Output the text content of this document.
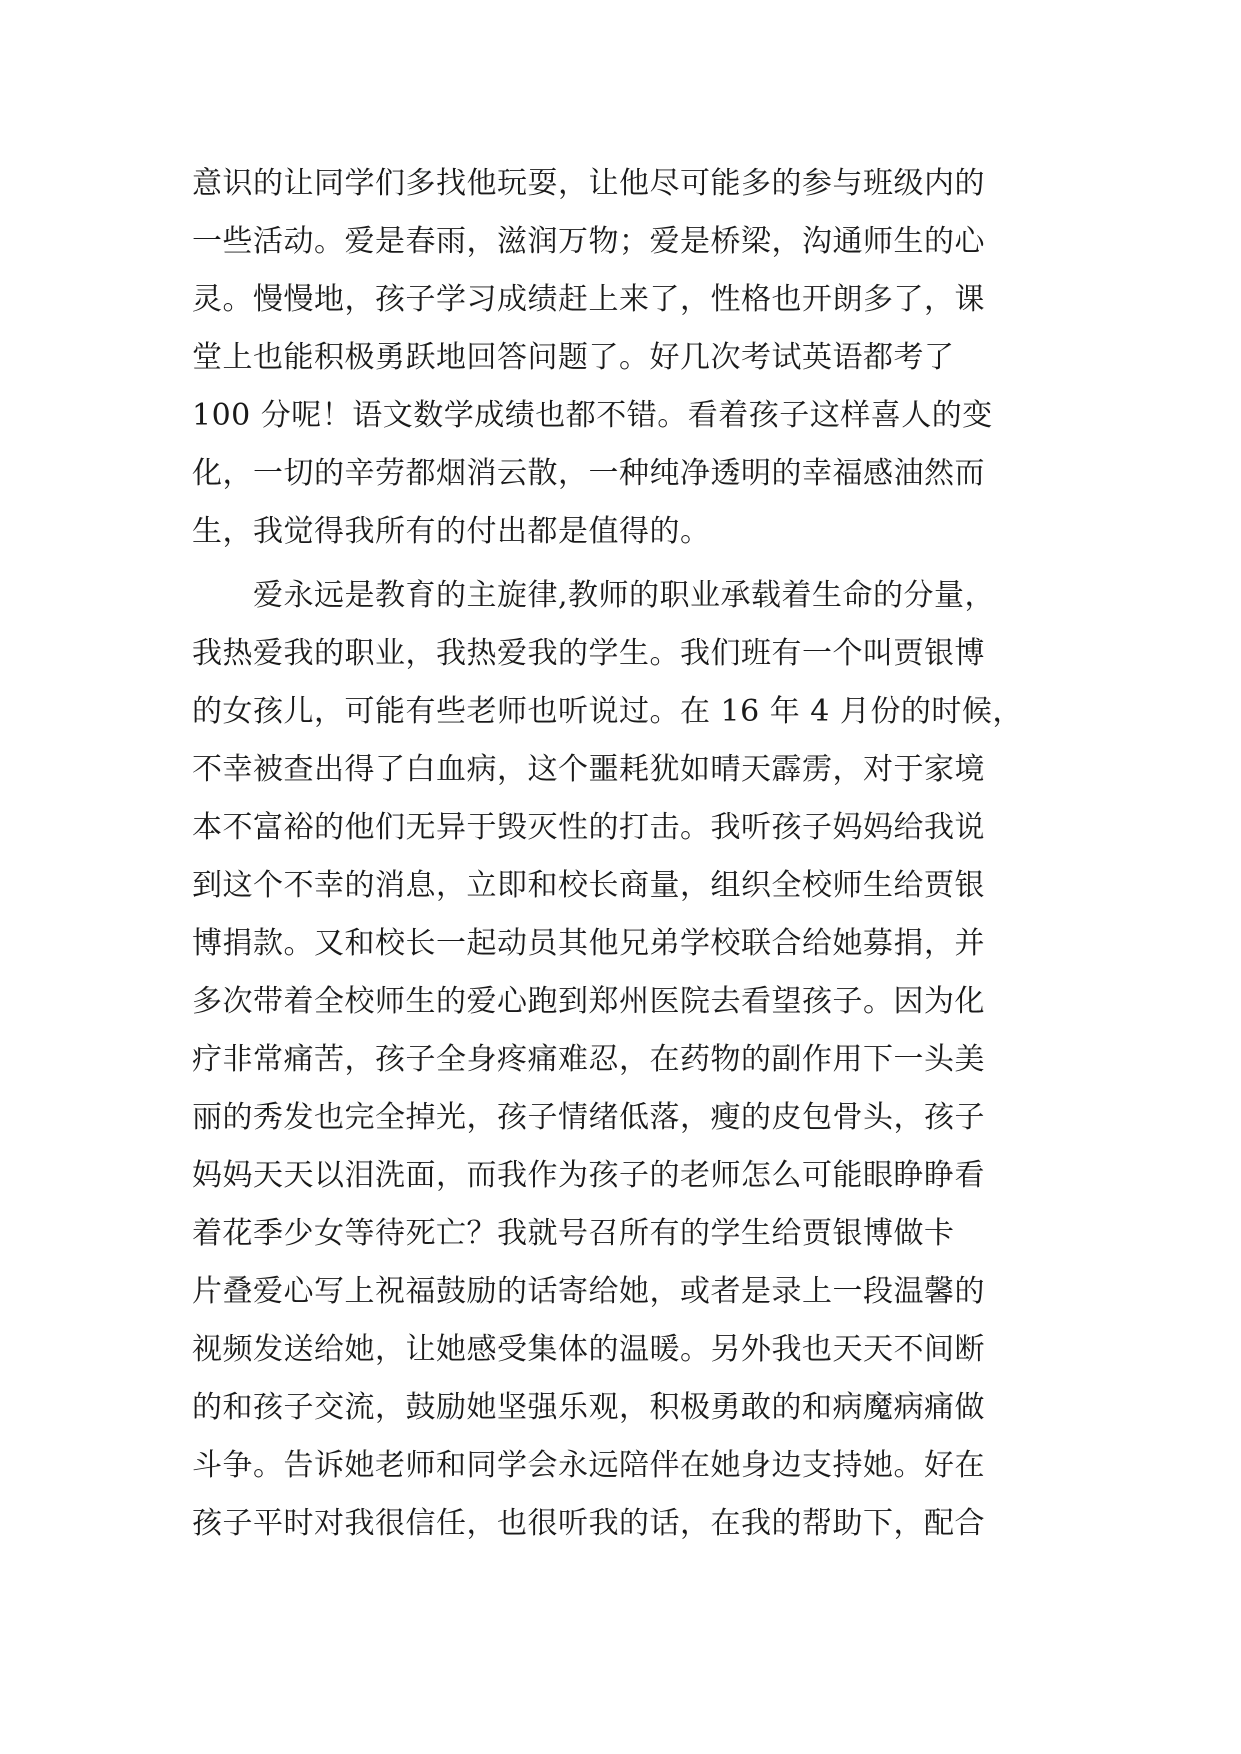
意识的让同学们多找他玩耍，让他尽可能多的参与班级内的
一些活动。爱是春雨，滋润万物；爱是桥梁，沟通师生的心
灵。慢慢地，孩子学习成绩赶上来了，性格也开朗多了，课
堂上也能积极勇跃地回答问题了。好几次考试英语都考了
100 分呢！语文数学成绩也都不错。看着孩子这样喜人的变
化，一切的辛劳都烟消云散，一种纯净透明的幸福感油然而
生，我觉得我所有的付出都是值得的。
　　爱永远是教育的主旋律,教师的职业承载着生命的分量，
我热爱我的职业，我热爱我的学生。我们班有一个叫贾银博
的女孩儿，可能有些老师也听说过。在 16 年 4 月份的时候，
不幸被查出得了白血病，这个噩耗犹如晴天霹雳，对于家境
本不富裕的他们无异于毁灭性的打击。我听孩子妈妈给我说
到这个不幸的消息，立即和校长商量，组织全校师生给贾银
博捐款。又和校长一起动员其他兄弟学校联合给她募捐，并
多次带着全校师生的爱心跑到郑州医院去看望孩子。因为化
疗非常痛苦，孩子全身疼痛难忍，在药物的副作用下一头美
丽的秀发也完全掉光，孩子情绪低落，瘦的皮包骨头，孩子
妈妈天天以泪洗面，而我作为孩子的老师怎么可能眼睁睁看
着花季少女等待死亡？我就号召所有的学生给贾银博做卡
片叠爱心写上祝福鼓励的话寄给她，或者是录上一段温馨的
视频发送给她，让她感受集体的温暖。另外我也天天不间断
的和孩子交流，鼓励她坚强乐观，积极勇敢的和病魔病痛做
斗争。告诉她老师和同学会永远陪伴在她身边支持她。好在
孩子平时对我很信任，也很听我的话，在我的帮助下，配合
